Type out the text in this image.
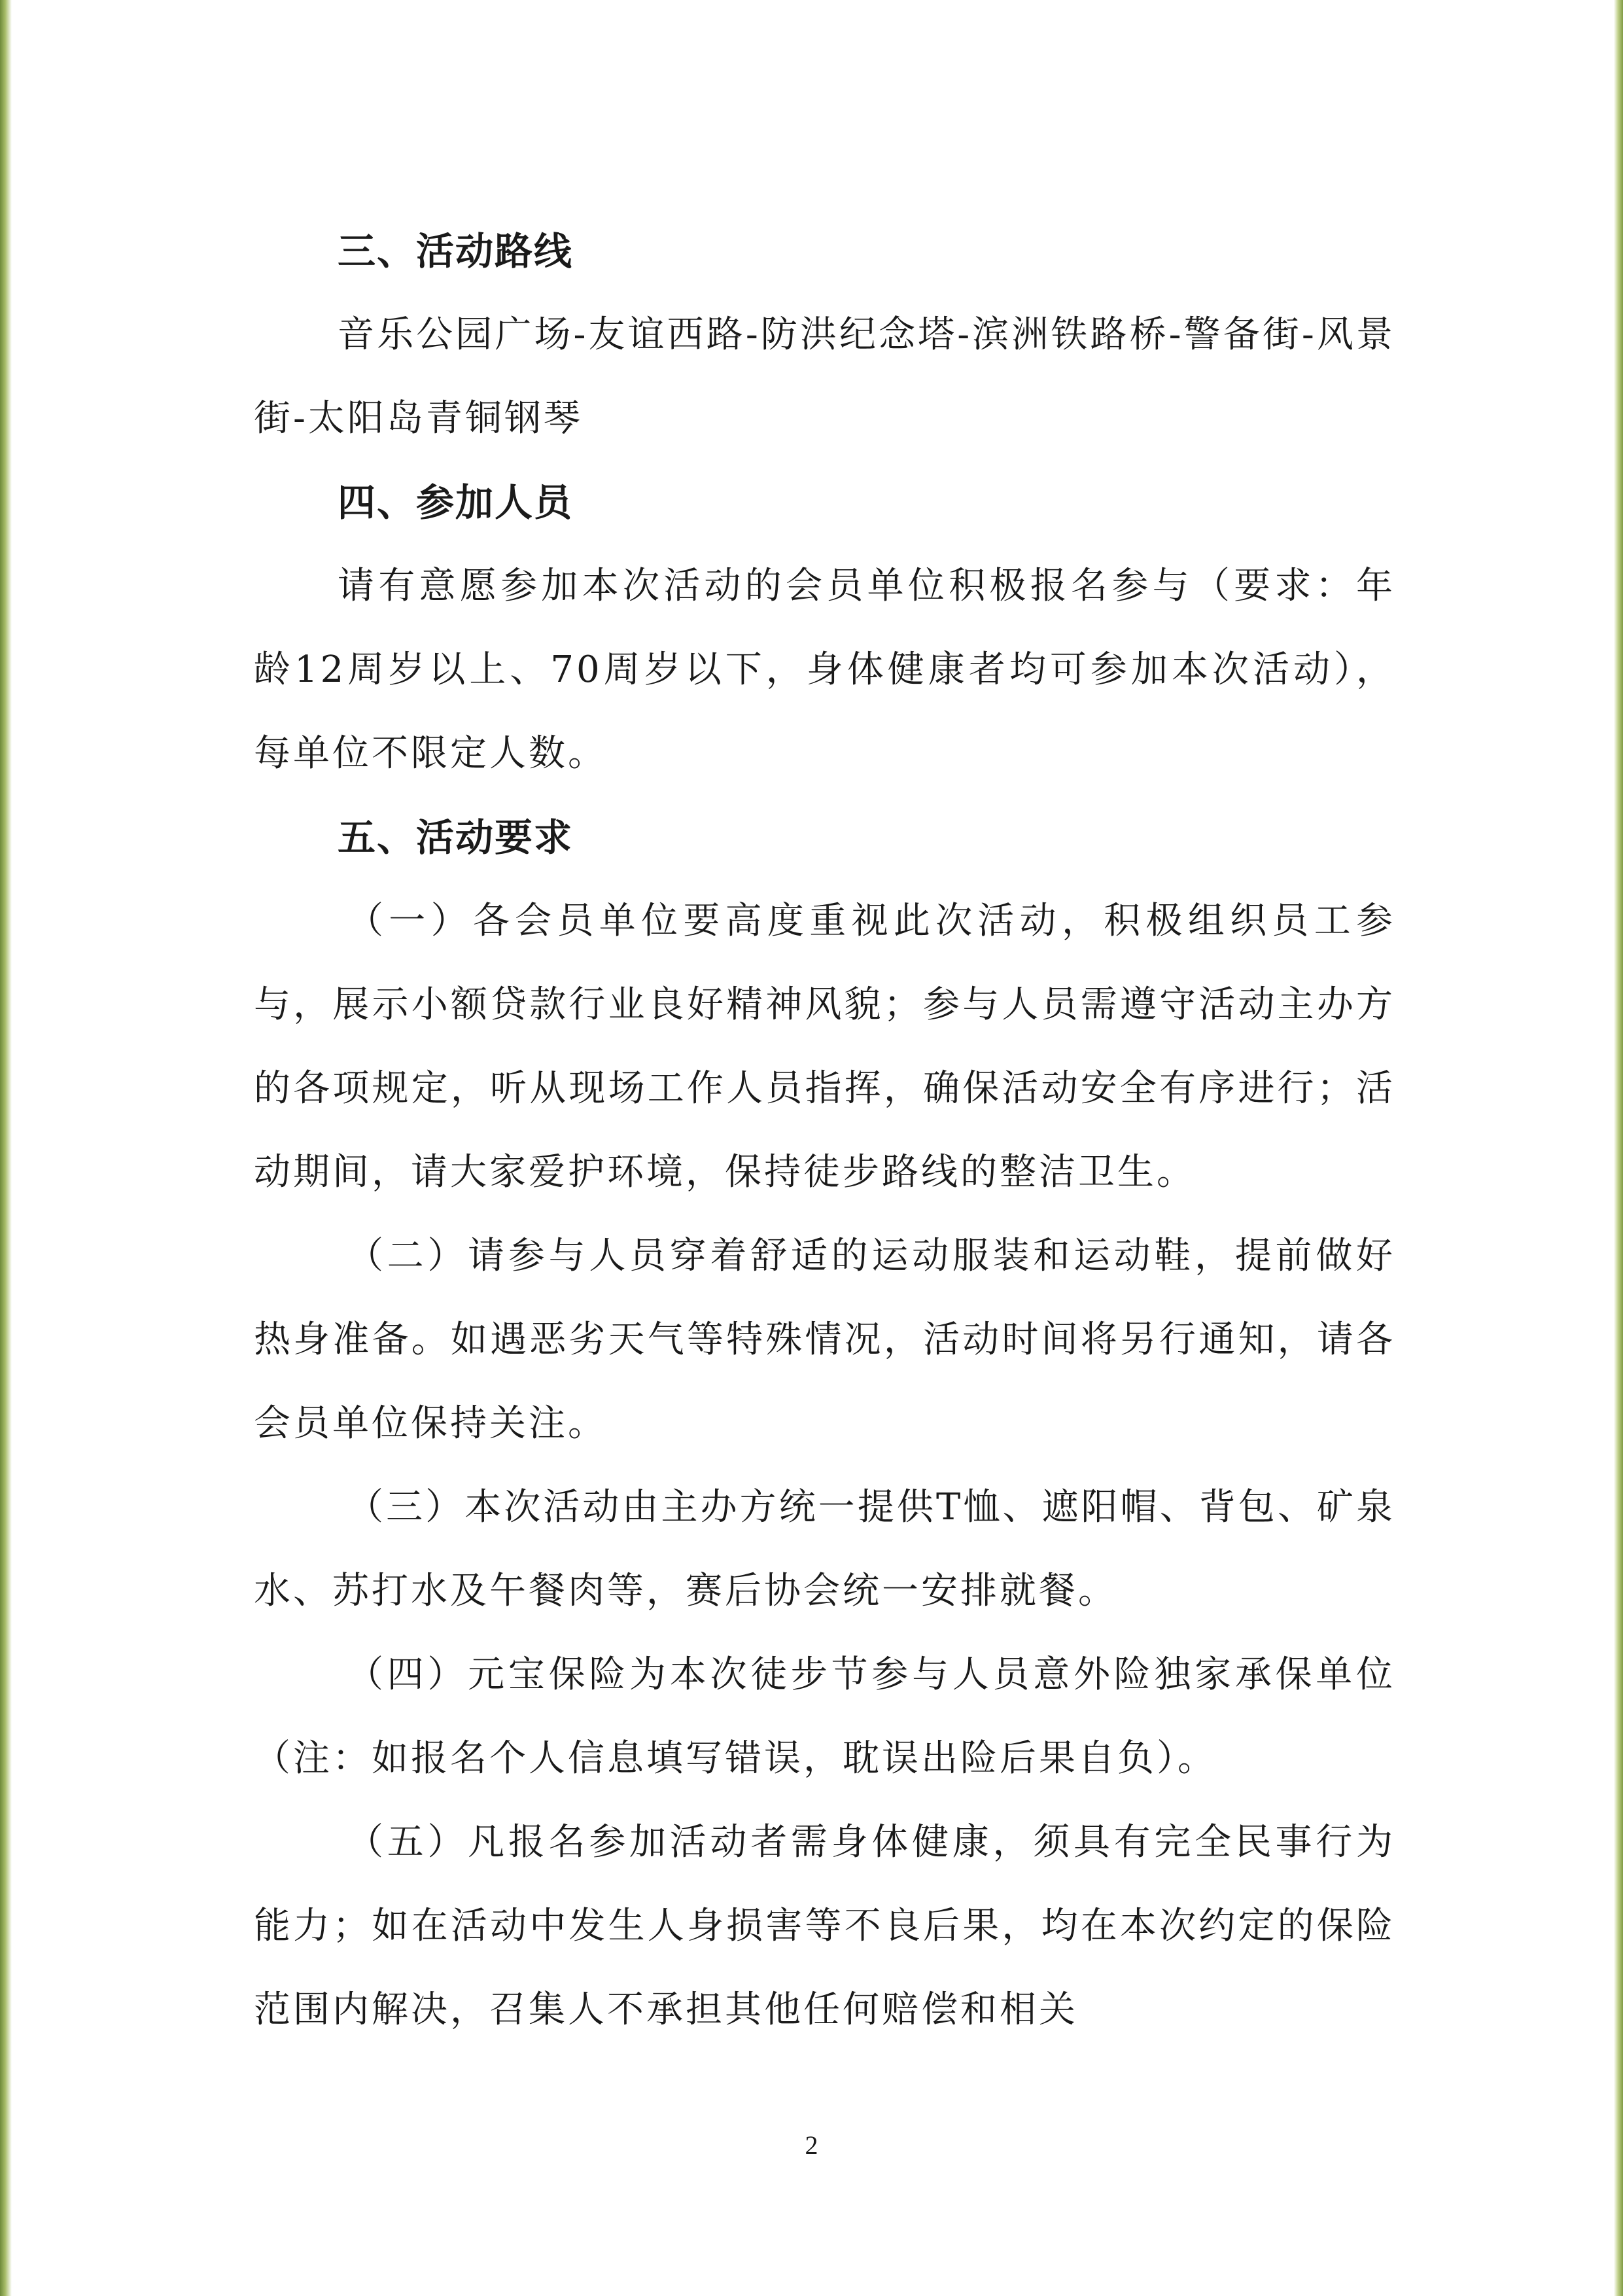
三、活动路线

音乐公园广场-友谊西路-防洪纪念塔-滨洲铁路桥-警备街-风景街-太阳岛青铜钢琴

四、参加人员

请有意愿参加本次活动的会员单位积极报名参与（要求：年龄12周岁以上、70周岁以下，身体健康者均可参加本次活动），每单位不限定人数。

五、活动要求

（一）各会员单位要高度重视此次活动，积极组织员工参与，展示小额贷款行业良好精神风貌；参与人员需遵守活动主办方的各项规定，听从现场工作人员指挥，确保活动安全有序进行；活动期间，请大家爱护环境，保持徒步路线的整洁卫生。

（二）请参与人员穿着舒适的运动服装和运动鞋，提前做好热身准备。如遇恶劣天气等特殊情况，活动时间将另行通知，请各会员单位保持关注。

（三）本次活动由主办方统一提供T恤、遮阳帽、背包、矿泉水、苏打水及午餐肉等，赛后协会统一安排就餐。

（四）元宝保险为本次徒步节参与人员意外险独家承保单位（注：如报名个人信息填写错误，耽误出险后果自负）。

（五）凡报名参加活动者需身体健康，须具有完全民事行为能力；如在活动中发生人身损害等不良后果，均在本次约定的保险范围内解决，召集人不承担其他任何赔偿和相关

2
